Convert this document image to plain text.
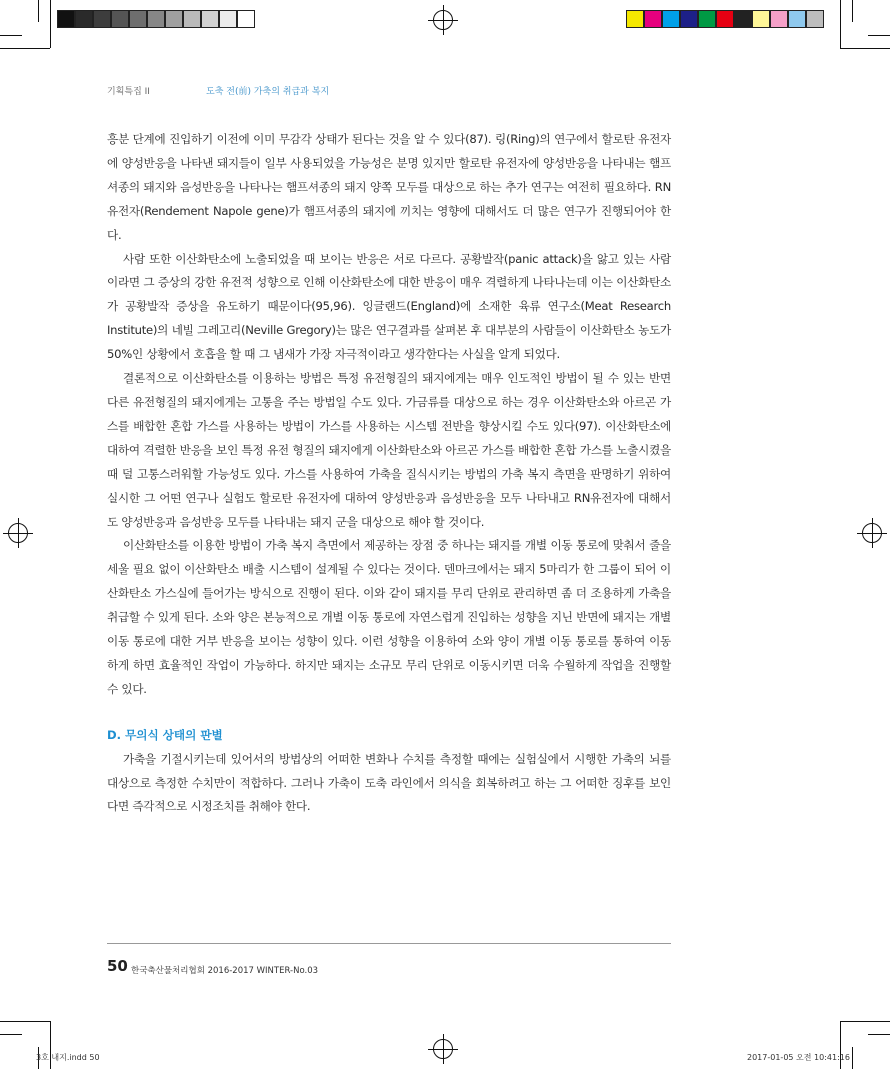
기획특집 II	도축 전(前) 가축의 취급과 복지

흥분 단계에 진입하기 이전에 이미 무감각 상태가 된다는 것을 알 수 있다(87). 링(Ring)의 연구에서 할로탄 유전자에 양성반응을 나타낸 돼지들이 일부 사용되었을 가능성은 분명 있지만 할로탄 유전자에 양성반응을 나타내는 햄프셔종의 돼지와 음성반응을 나타나는 햄프셔종의 돼지 양쪽 모두를 대상으로 하는 추가 연구는 여전히 필요하다. RN유전자(Rendement Napole gene)가 햄프셔종의 돼지에 끼치는 영향에 대해서도 더 많은 연구가 진행되어야 한다.

사람 또한 이산화탄소에 노출되었을 때 보이는 반응은 서로 다르다. 공황발작(panic attack)을 앓고 있는 사람이라면 그 증상의 강한 유전적 성향으로 인해 이산화탄소에 대한 반응이 매우 격렬하게 나타나는데 이는 이산화탄소가 공황발작 증상을 유도하기 때문이다(95,96). 잉글랜드(England)에 소재한 육류 연구소(Meat Research Institute)의 네빌 그레고리(Neville Gregory)는 많은 연구결과를 살펴본 후 대부분의 사람들이 이산화탄소 농도가 50%인 상황에서 호흡을 할 때 그 냄새가 가장 자극적이라고 생각한다는 사실을 알게 되었다.

결론적으로 이산화탄소를 이용하는 방법은 특정 유전형질의 돼지에게는 매우 인도적인 방법이 될 수 있는 반면 다른 유전형질의 돼지에게는 고통을 주는 방법일 수도 있다. 가금류를 대상으로 하는 경우 이산화탄소와 아르곤 가스를 배합한 혼합 가스를 사용하는 방법이 가스를 사용하는 시스템 전반을 향상시킬 수도 있다(97). 이산화탄소에 대하여 격렬한 반응을 보인 특정 유전 형질의 돼지에게 이산화탄소와 아르곤 가스를 배합한 혼합 가스를 노출시켰을 때 덜 고통스러워할 가능성도 있다. 가스를 사용하여 가축을 질식시키는 방법의 가축 복지 측면을 판명하기 위하여 실시한 그 어떤 연구나 실험도 할로탄 유전자에 대하여 양성반응과 음성반응을 모두 나타내고 RN유전자에 대해서도 양성반응과 음성반응 모두를 나타내는 돼지 군을 대상으로 해야 할 것이다.

이산화탄소를 이용한 방법이 가축 복지 측면에서 제공하는 장점 중 하나는 돼지를 개별 이동 통로에 맞춰서 줄을 세울 필요 없이 이산화탄소 배출 시스템이 설계될 수 있다는 것이다. 덴마크에서는 돼지 5마리가 한 그룹이 되어 이산화탄소 가스실에 들어가는 방식으로 진행이 된다. 이와 같이 돼지를 무리 단위로 관리하면 좀 더 조용하게 가축을 취급할 수 있게 된다. 소와 양은 본능적으로 개별 이동 통로에 자연스럽게 진입하는 성향을 지닌 반면에 돼지는 개별 이동 통로에 대한 거부 반응을 보이는 성향이 있다. 이런 성향을 이용하여 소와 양이 개별 이동 통로를 통하여 이동하게 하면 효율적인 작업이 가능하다. 하지만 돼지는 소규모 무리 단위로 이동시키면 더욱 수월하게 작업을 진행할 수 있다.

D. 무의식 상태의 판별

가축을 기절시키는데 있어서의 방법상의 어떠한 변화나 수치를 측정할 때에는 실험실에서 시행한 가축의 뇌를 대상으로 측정한 수치만이 적합하다. 그러나 가축이 도축 라인에서 의식을 회복하려고 하는 그 어떠한 징후를 보인다면 즉각적으로 시정조치를 취해야 한다.

50 한국축산물처리협회 2016-2017 WINTER-No.03
3호 내지.indd 50	2017-01-05 오전 10:41:16
